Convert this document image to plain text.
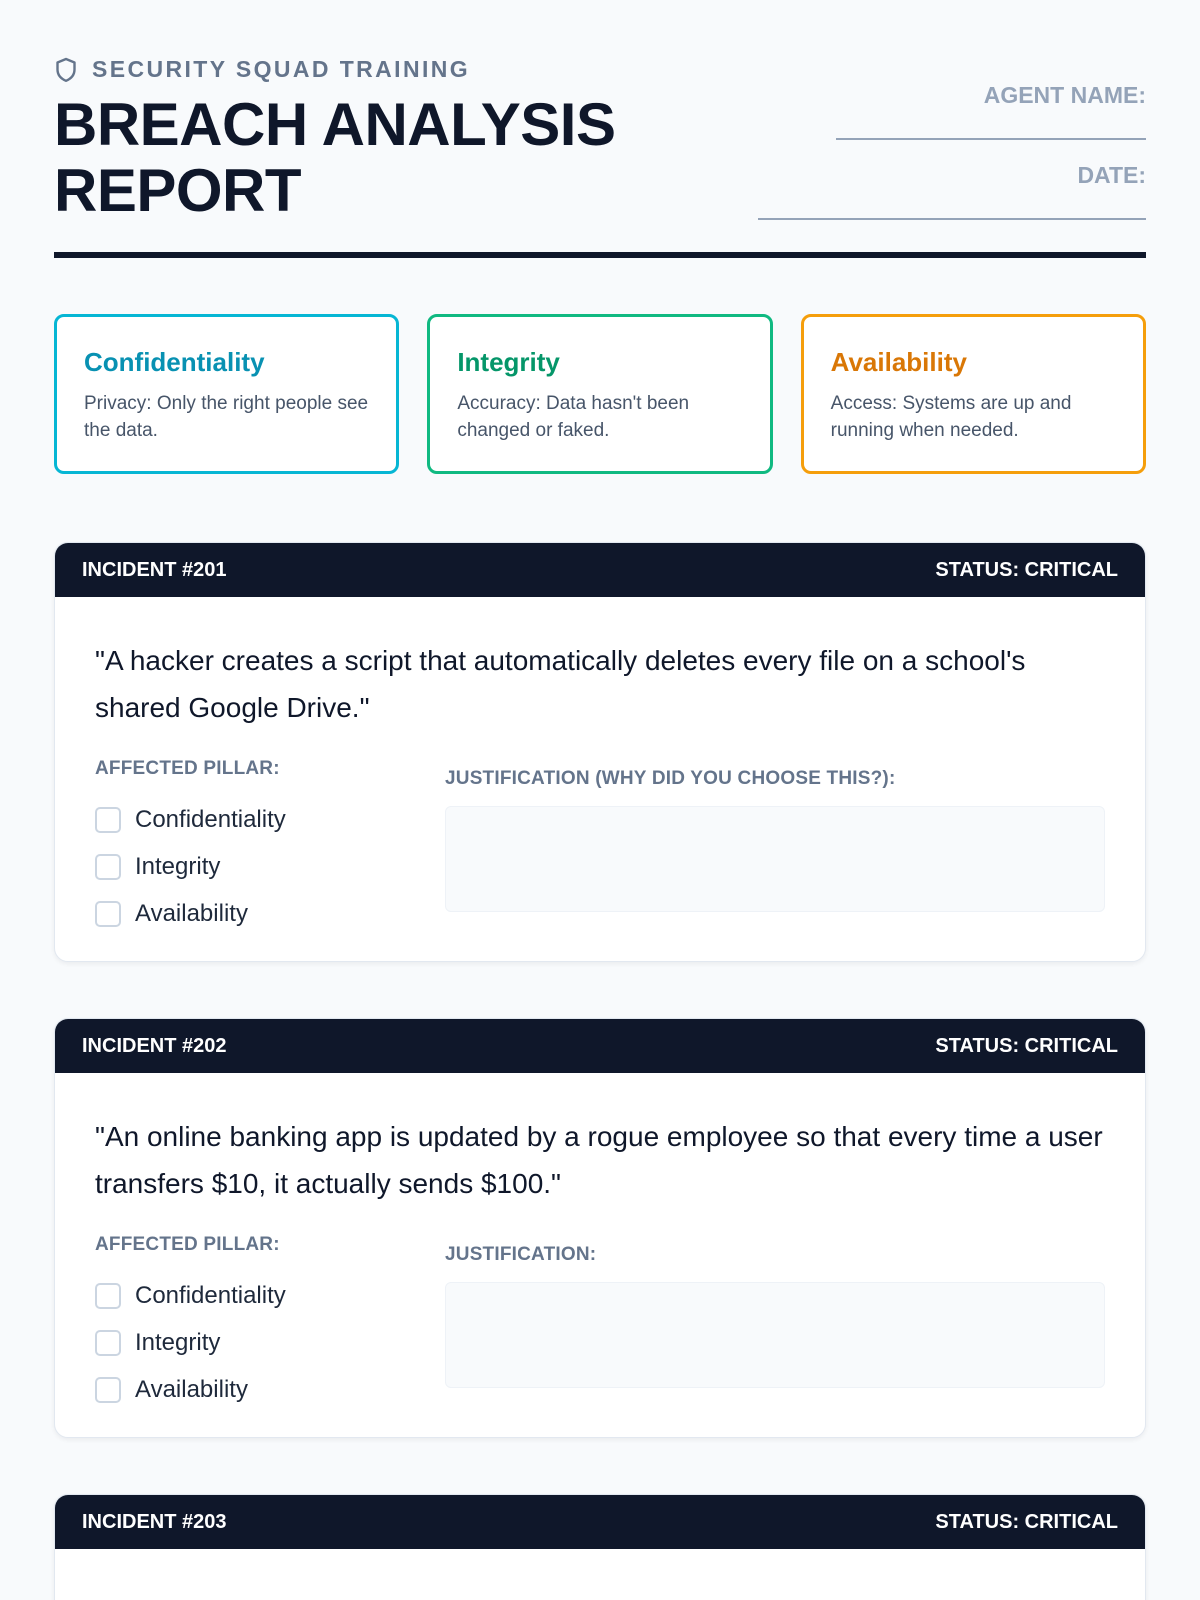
SECURITY SQUAD TRAINING
BREACH ANALYSIS
REPORT
AGENT NAME:
DATE:
Confidentiality
Privacy: Only the right people see the data.
Integrity
Accuracy: Data hasn't been changed or faked.
Availability
Access: Systems are up and running when needed.
INCIDENT #201	STATUS: CRITICAL

"A hacker creates a script that automatically deletes every file on a school's shared Google Drive."

AFFECTED PILLAR:
Confidentiality
Integrity
Availability
JUSTIFICATION (WHY DID YOU CHOOSE THIS?):
INCIDENT #202	STATUS: CRITICAL

"An online banking app is updated by a rogue employee so that every time a user transfers $10, it actually sends $100."

AFFECTED PILLAR:
Confidentiality
Integrity
Availability
JUSTIFICATION:
INCIDENT #203	STATUS: CRITICAL
